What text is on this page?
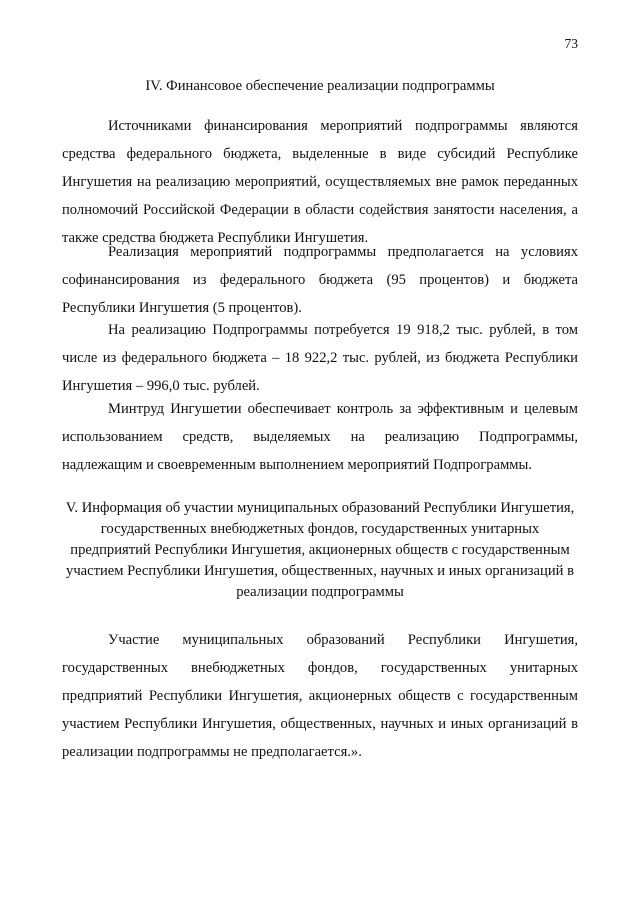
73
IV. Финансовое обеспечение реализации подпрограммы

Источниками финансирования мероприятий подпрограммы являются средства федерального бюджета, выделенные в виде субсидий Республике Ингушетия на реализацию мероприятий, осуществляемых вне рамок переданных полномочий Российской Федерации в области содействия занятости населения, а также средства бюджета Республики Ингушетия.

Реализация мероприятий подпрограммы предполагается на условиях софинансирования из федерального бюджета (95 процентов) и бюджета Республики Ингушетия (5 процентов).

На реализацию Подпрограммы потребуется 19 918,2 тыс. рублей, в том числе из федерального бюджета – 18 922,2 тыс. рублей, из бюджета Республики Ингушетия – 996,0 тыс. рублей.

Минтруд Ингушетии обеспечивает контроль за эффективным и целевым использованием средств, выделяемых на реализацию Подпрограммы, надлежащим и своевременным выполнением мероприятий Подпрограммы.

V. Информация об участии муниципальных образований Республики Ингушетия, государственных внебюджетных фондов, государственных унитарных предприятий Республики Ингушетия, акционерных обществ с государственным участием Республики Ингушетия, общественных, научных и иных организаций в реализации подпрограммы

Участие муниципальных образований Республики Ингушетия, государственных внебюджетных фондов, государственных унитарных предприятий Республики Ингушетия, акционерных обществ с государственным участием Республики Ингушетия, общественных, научных и иных организаций в реализации подпрограммы не предполагается.».
